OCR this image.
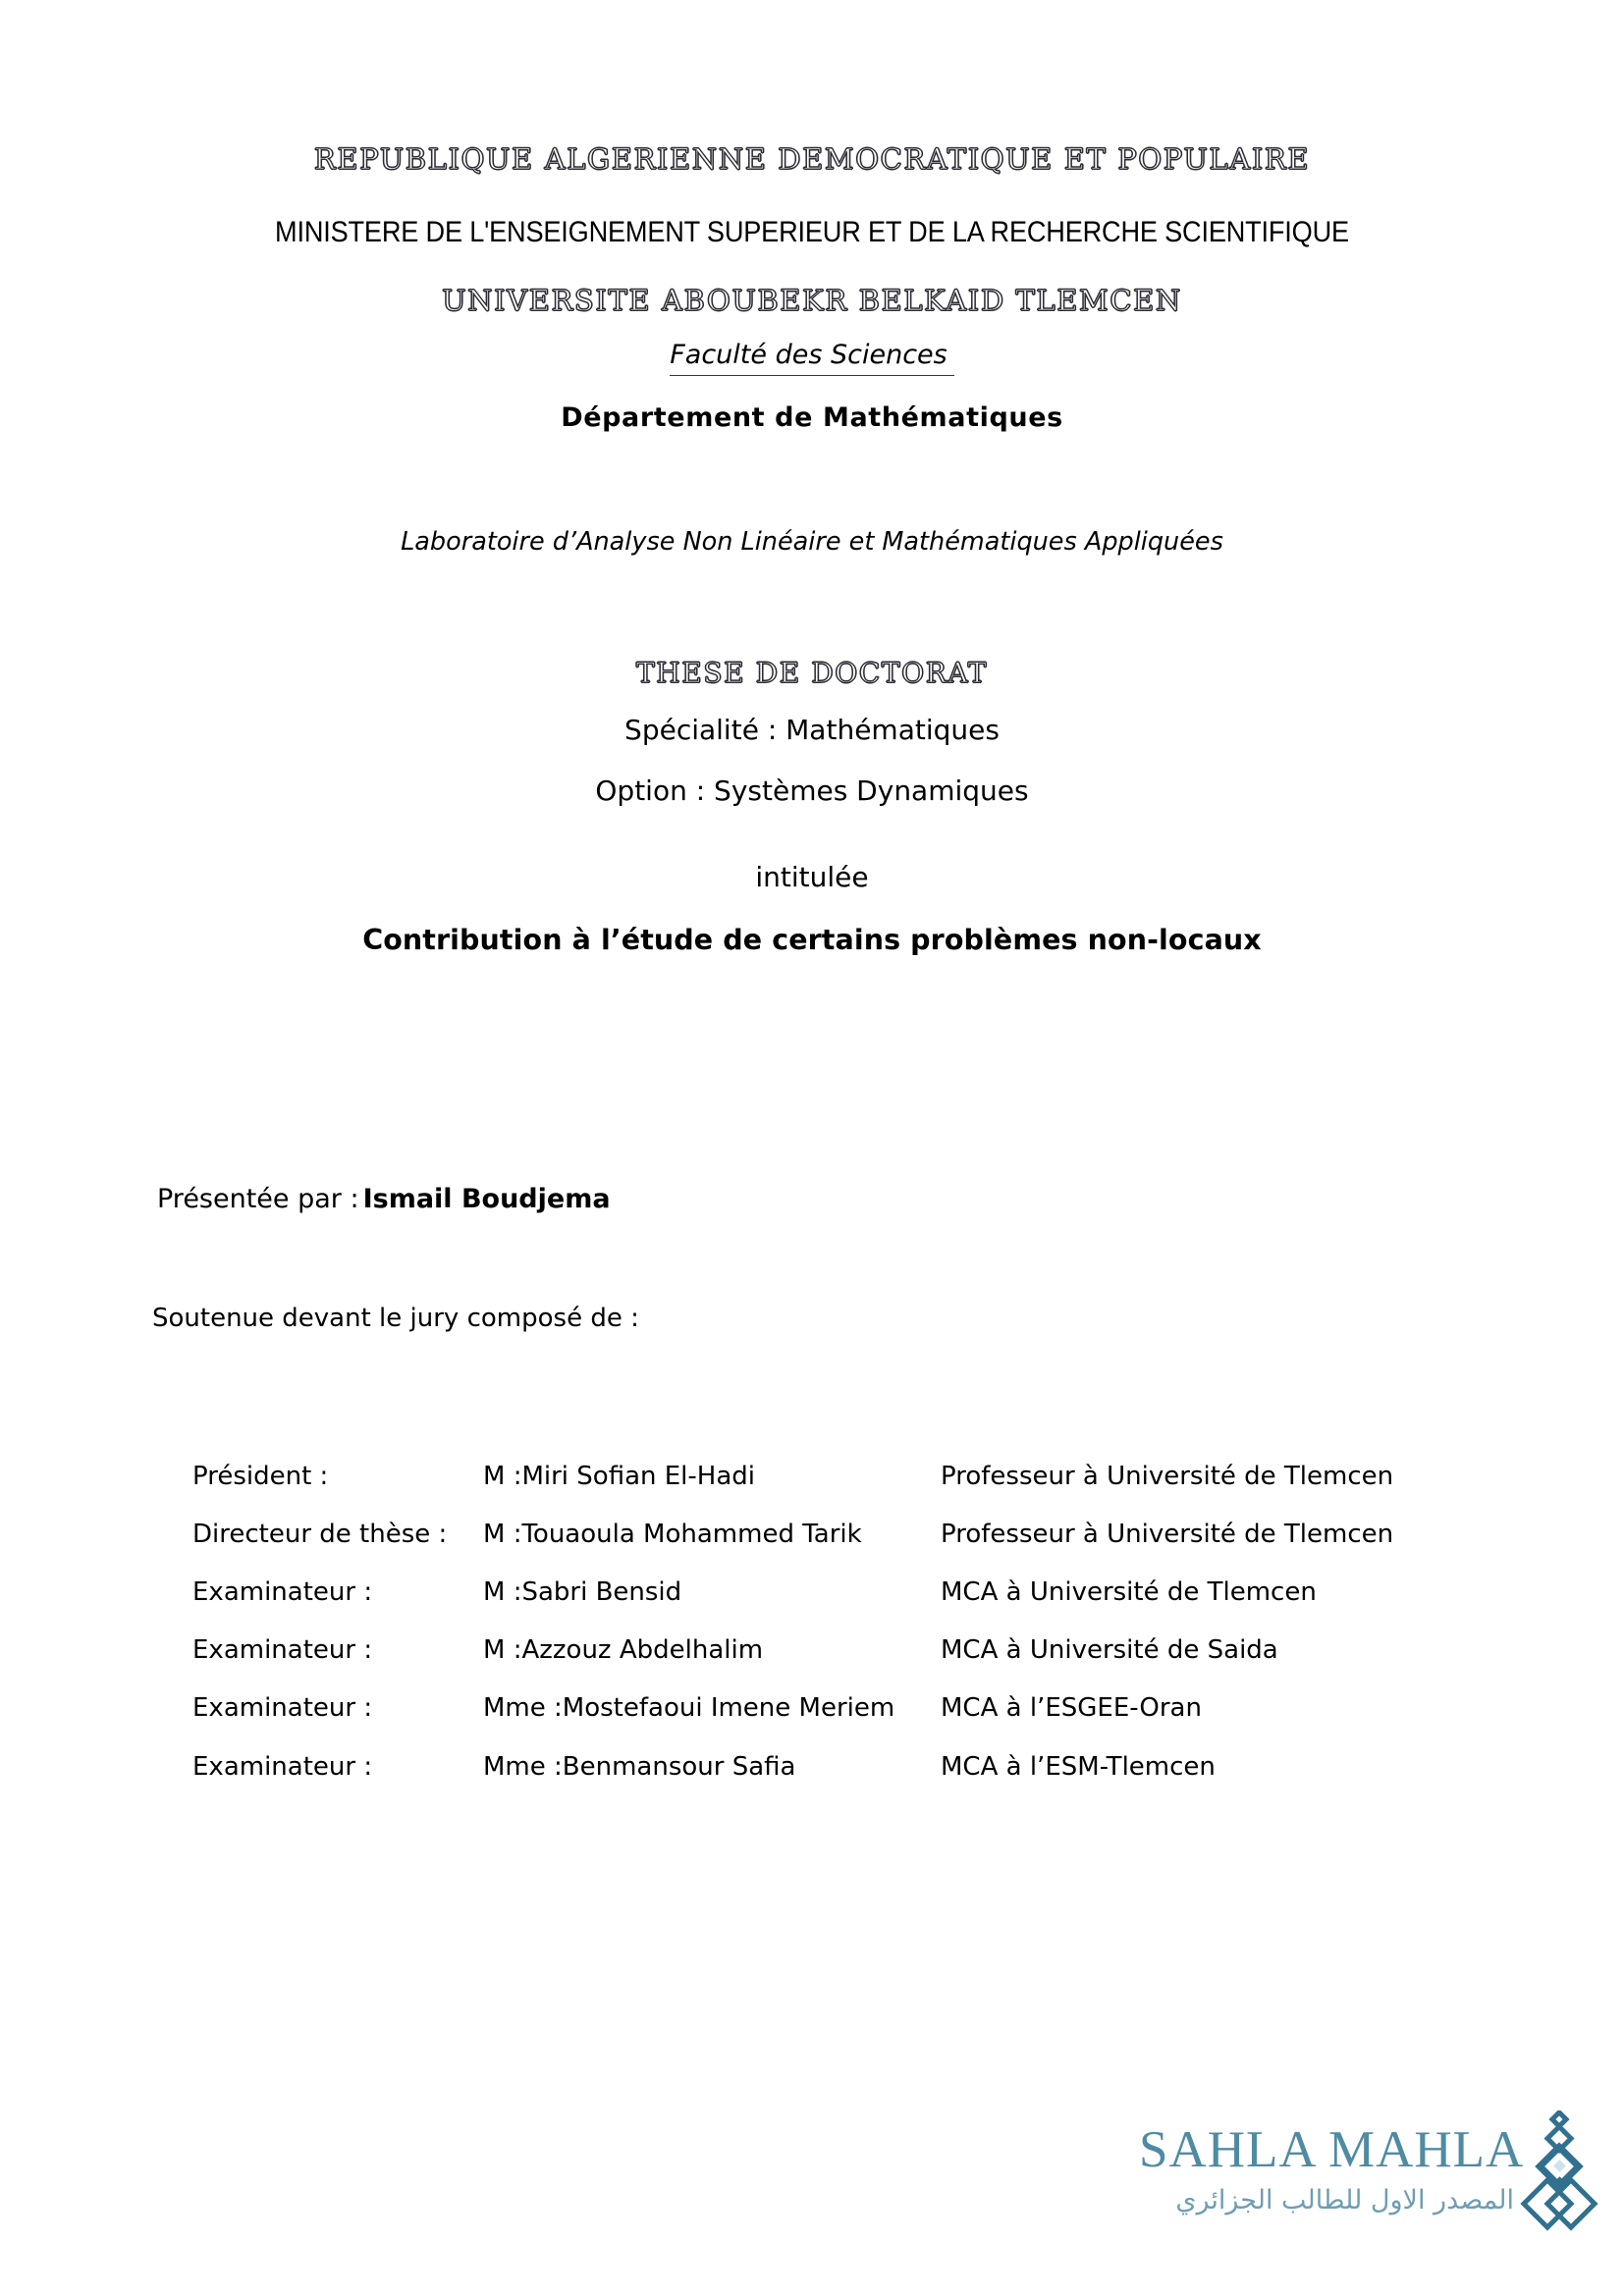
REPUBLIQUE ALGERIENNE DEMOCRATIQUE ET POPULAIRE
MINISTERE DE L'ENSEIGNEMENT SUPERIEUR ET DE LA RECHERCHE SCIENTIFIQUE
UNIVERSITE ABOUBEKR BELKAID TLEMCEN
Faculté des Sciences
Département de Mathématiques
Laboratoire d’Analyse Non Linéaire et Mathématiques Appliquées
THESE DE DOCTORAT
Spécialité : Mathématiques
Option : Systèmes Dynamiques
intitulée
Contribution à l’étude de certains problèmes non-locaux
Présentée par : Ismail Boudjema
Soutenue devant le jury composé de :
Président :	M :Miri Sofian El-Hadi	Professeur à Université de Tlemcen
Directeur de thèse :	M :Touaoula Mohammed Tarik	Professeur à Université de Tlemcen
Examinateur :	M :Sabri Bensid	MCA à Université de Tlemcen
Examinateur :	M :Azzouz Abdelhalim	MCA à Université de Saida
Examinateur :	Mme :Mostefaoui Imene Meriem	MCA à l’ESGEE-Oran
Examinateur :	Mme :Benmansour Safia	MCA à l’ESM-Tlemcen
SAHLA MAHLA
المصدر الاول للطالب الجزائري
